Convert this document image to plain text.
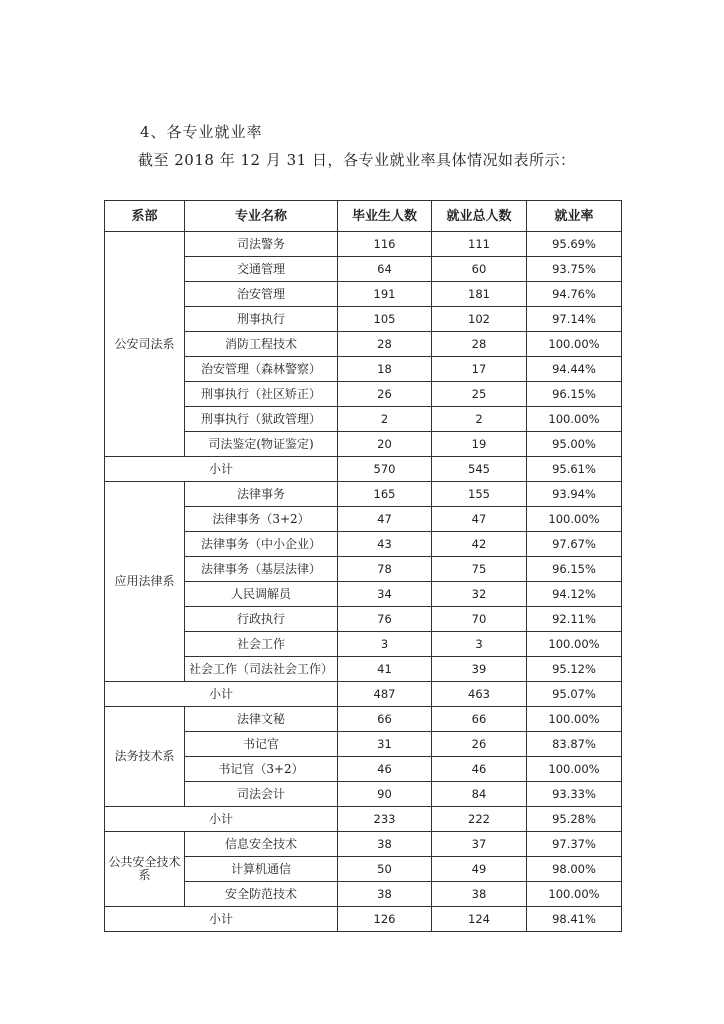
4、各专业就业率
截至 2018 年 12 月 31 日，各专业就业率具体情况如表所示：
系部	专业名称	毕业生人数	就业总人数	就业率
公安司法系	司法警务	116	111	95.69%
	交通管理	64	60	93.75%
	治安管理	191	181	94.76%
	刑事执行	105	102	97.14%
	消防工程技术	28	28	100.00%
	治安管理（森林警察）	18	17	94.44%
	刑事执行（社区矫正）	26	25	96.15%
	刑事执行（狱政管理）	2	2	100.00%
	司法鉴定(物证鉴定)	20	19	95.00%
小计		570	545	95.61%
应用法律系	法律事务	165	155	93.94%
	法律事务（3+2）	47	47	100.00%
	法律事务（中小企业）	43	42	97.67%
	法律事务（基层法律）	78	75	96.15%
	人民调解员	34	32	94.12%
	行政执行	76	70	92.11%
	社会工作	3	3	100.00%
	社会工作（司法社会工作）	41	39	95.12%
小计		487	463	95.07%
法务技术系	法律文秘	66	66	100.00%
	书记官	31	26	83.87%
	书记官（3+2）	46	46	100.00%
	司法会计	90	84	93.33%
小计		233	222	95.28%
公共安全技术系	信息安全技术	38	37	97.37%
	计算机通信	50	49	98.00%
	安全防范技术	38	38	100.00%
小计		126	124	98.41%
